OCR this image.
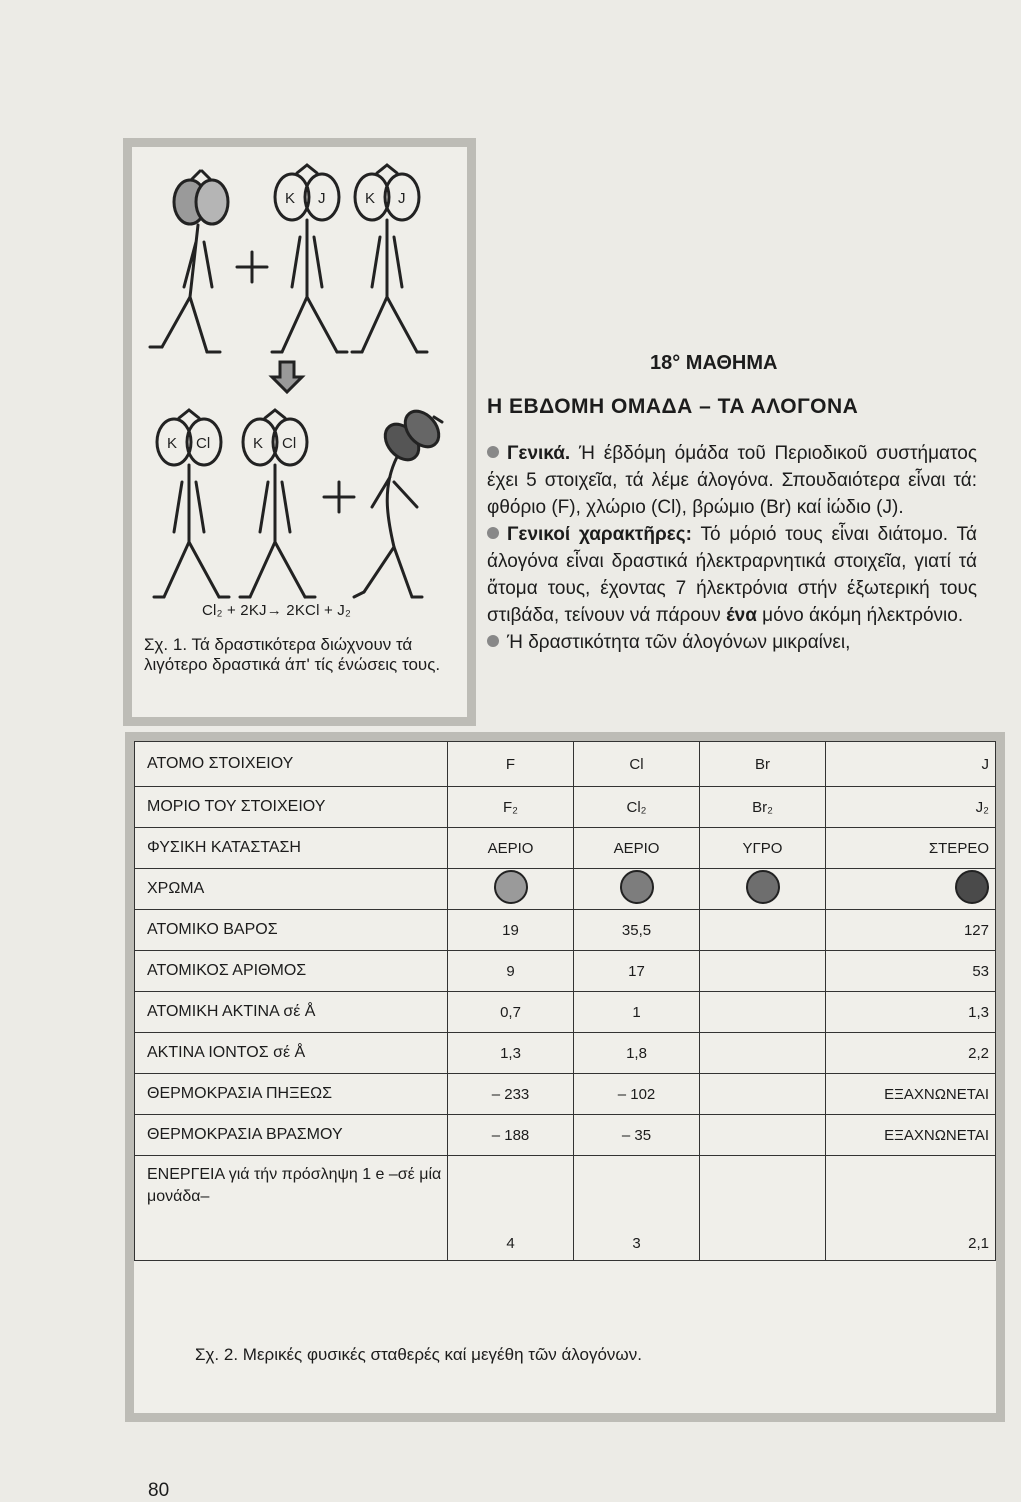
K J	K J
K Cl	K Cl
Cl₂ + 2KJ→ 2KCl + J₂
Σχ. 1. Τά δραστικότερα διώχνουν τά λιγότερο δραστικά άπ' τίς ένώσεις τους.
18° ΜΑΘΗΜΑ
Η ΕΒΔΟΜΗ ΟΜΑΔΑ – ΤΑ ΑΛΟΓΟΝΑ

Γενικά. Ή έβδόμη όμάδα τοῦ Περιοδικοῦ συστήματος έχει 5 στοιχεῖα, τά λέμε άλογόνα. Σπουδαιότερα εἶναι τά: φθόριο (F), χλώριο (Cl), βρώμιο (Br) καί ἰώδιο (J).

Γενικοί χαρακτῆρες: Τό μόριό τους εἶναι διάτομο. Τά άλογόνα εἶναι δραστικά ήλεκτραρνητικά στοιχεῖα, γιατί τά ἄτομα τους, έχοντας 7 ήλεκτρόνια στήν έξωτερική τους στιβάδα, τείνουν νά πάρουν ένα μόνο άκόμη ήλεκτρόνιο.

Ή δραστικότητα τῶν άλογόνων μικραίνει,

ΑΤΟΜΟ ΣΤΟΙΧΕΙΟΥ	F	Cl	Br	J
ΜΟΡΙΟ ΤΟΥ ΣΤΟΙΧΕΙΟΥ	F₂	Cl₂	Br₂	J₂
ΦΥΣΙΚΗ ΚΑΤΑΣΤΑΣΗ	ΑΕΡΙΟ	ΑΕΡΙΟ	ΥΓΡΟ	ΣΤΕΡΕΟ
ΧΡΩΜΑ				
ΑΤΟΜΙΚΟ ΒΑΡΟΣ	19	35,5		127
ΑΤΟΜΙΚΟΣ ΑΡΙΘΜΟΣ	9	17		53
ΑΤΟΜΙΚΗ ΑΚΤΙΝΑ σέ Å	0,7	1		1,3
ΑΚΤΙΝΑ ΙΟΝΤΟΣ σέ Å	1,3	1,8		2,2
ΘΕΡΜΟΚΡΑΣΙΑ ΠΗΞΕΩΣ	– 233	– 102		ΕΞΑΧΝΩΝΕΤΑΙ
ΘΕΡΜΟΚΡΑΣΙΑ ΒΡΑΣΜΟΥ	– 188	– 35		ΕΞΑΧΝΩΝΕΤΑΙ
ΕΝΕΡΓΕΙΑ γιά τήν πρόσληψη 1 e –σέ μία μονάδα–	4	3		2,1
Σχ. 2. Μερικές φυσικές σταθερές καί μεγέθη τῶν άλογόνων.
80
